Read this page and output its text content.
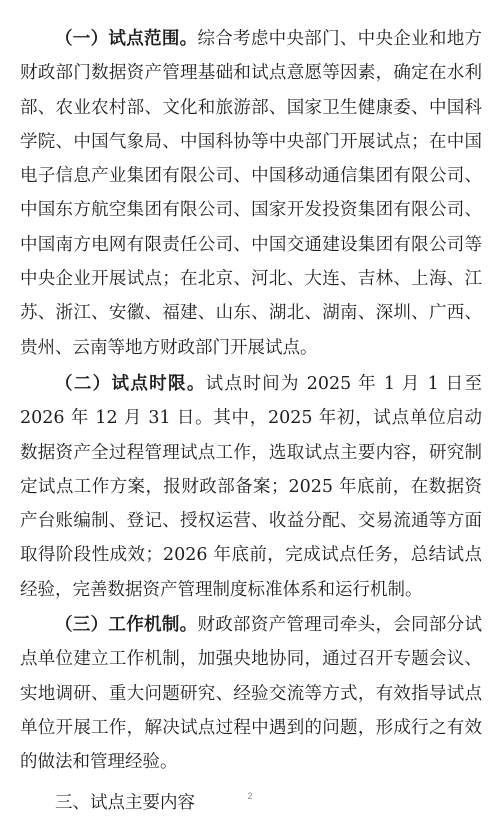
（一）试点范围。综合考虑中央部门、中央企业和地方财政部门数据资产管理基础和试点意愿等因素，确定在水利部、农业农村部、文化和旅游部、国家卫生健康委、中国科学院、中国气象局、中国科协等中央部门开展试点；在中国电子信息产业集团有限公司、中国移动通信集团有限公司、中国东方航空集团有限公司、国家开发投资集团有限公司、中国南方电网有限责任公司、中国交通建设集团有限公司等中央企业开展试点；在北京、河北、大连、吉林、上海、江苏、浙江、安徽、福建、山东、湖北、湖南、深圳、广西、贵州、云南等地方财政部门开展试点。

（二）试点时限。试点时间为 2025 年 1 月 1 日至 2026 年 12 月 31 日。其中，2025 年初，试点单位启动数据资产全过程管理试点工作，选取试点主要内容，研究制定试点工作方案，报财政部备案；2025 年底前，在数据资产台账编制、登记、授权运营、收益分配、交易流通等方面取得阶段性成效；2026 年底前，完成试点任务，总结试点经验，完善数据资产管理制度标准体系和运行机制。

（三）工作机制。财政部资产管理司牵头，会同部分试点单位建立工作机制，加强央地协同，通过召开专题会议、实地调研、重大问题研究、经验交流等方式，有效指导试点单位开展工作，解决试点过程中遇到的问题，形成行之有效的做法和管理经验。

三、试点主要内容	2
